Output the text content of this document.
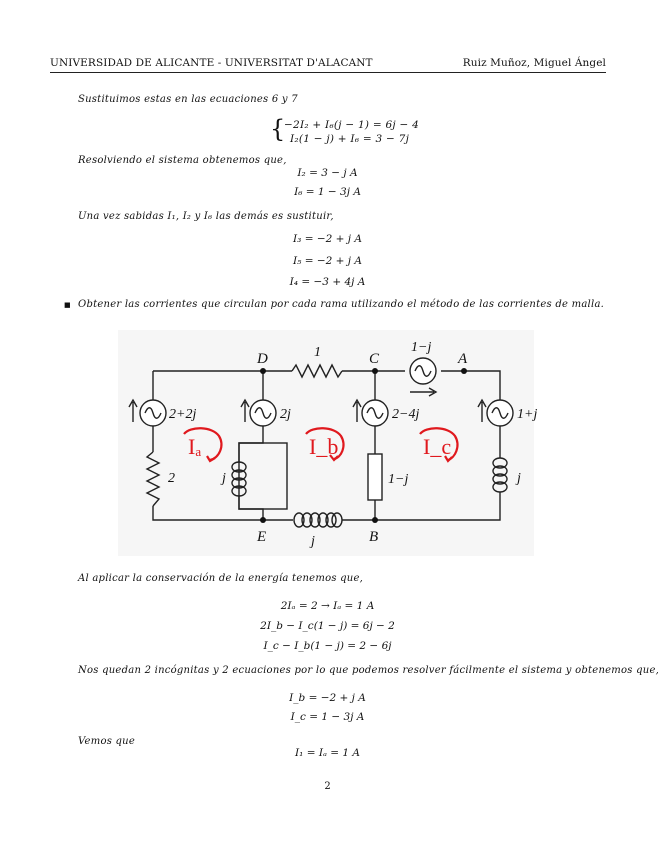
UNIVERSIDAD DE ALICANTE - UNIVERSITAT D'ALACANT	Ruiz Muñoz, Miguel Ángel
Sustituimos estas en las ecuaciones 6 y 7
{
−2I₂ + I₆(j − 1) = 6j − 4
I₂(1 − j) + I₆ = 3 − 7j
Resolviendo el sistema obtenemos que,
I₂ = 3 − j A
I₆ = 1 − 3j A
Una vez sabidas I₁, I₂ y I₆ las demás es sustituir,
I₃ = −2 + j A
I₅ = −2 + j A
I₄ = −3 + 4j A
■ Obtener las corrientes que circulan por cada rama utilizando el método de las corrientes de malla.
D	C	A
E	B
1	1−j
2+2j	2j	2−4j	1+j
2	j	1−j	j
j
Iₐ	I_b	I_c
Al aplicar la conservación de la energía tenemos que,
2Iₐ = 2 → Iₐ = 1 A
2I_b − I_c(1 − j) = 6j − 2
I_c − I_b(1 − j) = 2 − 6j
Nos quedan 2 incógnitas y 2 ecuaciones por lo que podemos resolver fácilmente el sistema y obtenemos que,
I_b = −2 + j A
I_c = 1 − 3j A
Vemos que
I₁ = Iₐ = 1 A
2
